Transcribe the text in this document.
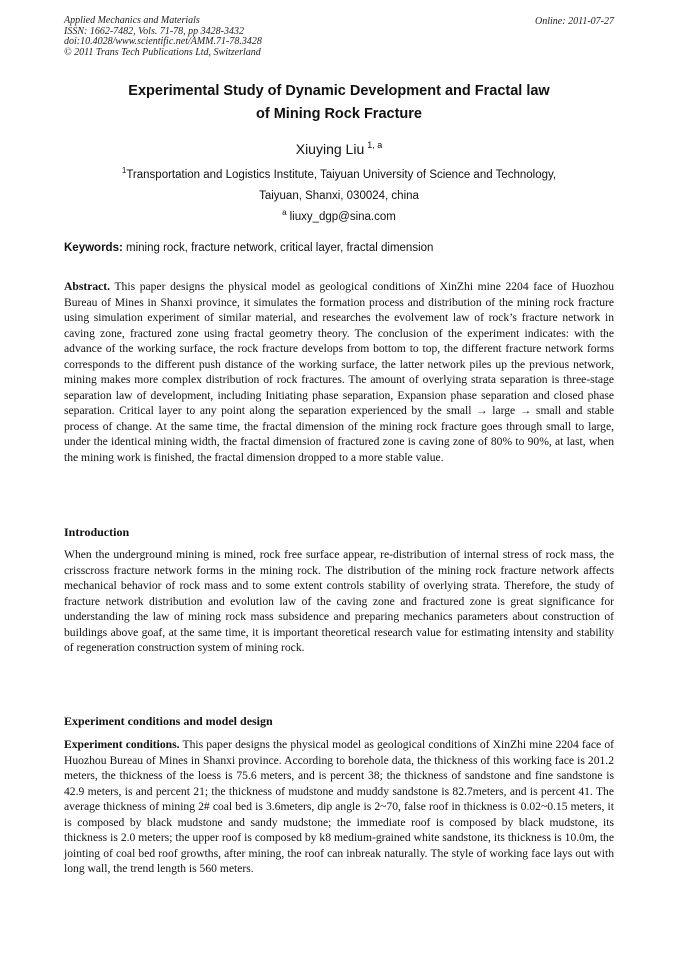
Applied Mechanics and Materials
ISSN: 1662-7482, Vols. 71-78, pp 3428-3432
doi:10.4028/www.scientific.net/AMM.71-78.3428
© 2011 Trans Tech Publications Ltd, Switzerland
Online: 2011-07-27
Experimental Study of Dynamic Development and Fractal law
of Mining Rock Fracture
Xiuying Liu $^{1, a}$
$^1$Transportation and Logistics Institute, Taiyuan University of Science and Technology,
Taiyuan, Shanxi, 030024, china
$^a$ liuxy_dgp@sina.com
Keywords: mining rock, fracture network, critical layer, fractal dimension
Abstract. This paper designs the physical model as geological conditions of XinZhi mine 2204 face of Huozhou Bureau of Mines in Shanxi province, it simulates the formation process and distribution of the mining rock fracture using simulation experiment of similar material, and researches the evolvement law of rock’s fracture network in caving zone, fractured zone using fractal geometry theory. The conclusion of the experiment indicates: with the advance of the working surface, the rock fracture develops from bottom to top, the different fracture network forms corresponds to the different push distance of the working surface, the latter network piles up the previous network, mining makes more complex distribution of rock fractures. The amount of overlying strata separation is three-stage separation law of development, including Initiating phase separation, Expansion phase separation and closed phase separation. Critical layer to any point along the separation experienced by the small → large → small and stable process of change. At the same time, the fractal dimension of the mining rock fracture goes through small to large, under the identical mining width, the fractal dimension of fractured zone is caving zone of 80% to 90%, at last, when the mining work is finished, the fractal dimension dropped to a more stable value.
Introduction
When the underground mining is mined, rock free surface appear, re-distribution of internal stress of rock mass, the crisscross fracture network forms in the mining rock. The distribution of the mining rock fracture network affects mechanical behavior of rock mass and to some extent controls stability of overlying strata. Therefore, the study of fracture network distribution and evolution law of the caving zone and fractured zone is great significance for understanding the law of mining rock mass subsidence and preparing mechanics parameters about construction of buildings above goaf, at the same time, it is important theoretical research value for estimating intensity and stability of regeneration construction system of mining rock.
Experiment conditions and model design
Experiment conditions. This paper designs the physical model as geological conditions of XinZhi mine 2204 face of Huozhou Bureau of Mines in Shanxi province. According to borehole data, the thickness of this working face is 201.2 meters, the thickness of the loess is 75.6 meters, and is percent 38; the thickness of sandstone and fine sandstone is 42.9 meters, is and percent 21; the thickness of mudstone and muddy sandstone is 82.7meters, and is percent 41. The average thickness of mining 2# coal bed is 3.6meters, dip angle is 2~70, false roof in thickness is 0.02~0.15 meters, it is composed by black mudstone and sandy mudstone; the immediate roof is composed by black mudstone, its thickness is 2.0 meters; the upper roof is composed by k8 medium-grained white sandstone, its thickness is 10.0m, the jointing of coal bed roof growths, after mining, the roof can inbreak naturally. The style of working face lays out with long wall, the trend length is 560 meters.
